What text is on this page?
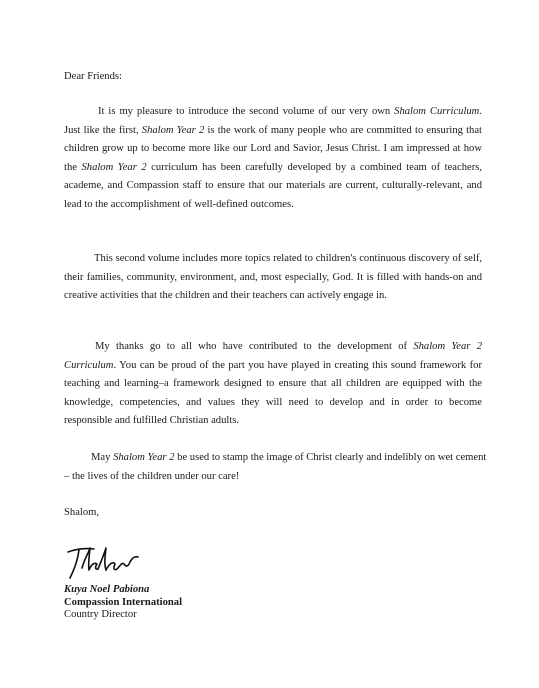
Dear Friends:

It is my pleasure to introduce the second volume of our very own Shalom Curriculum. Just like the first, Shalom Year 2 is the work of many people who are committed to ensuring that children grow up to become more like our Lord and Savior, Jesus Christ. I am impressed at how the Shalom Year 2 curriculum has been carefully developed by a combined team of teachers, academe, and Compassion staff to ensure that our materials are current, culturally-relevant, and lead to the accomplishment of well-defined outcomes.

This second volume includes more topics related to children's continuous discovery of self, their families, community, environment, and, most especially, God. It is filled with hands-on and creative activities that the children and their teachers can actively engage in.

My thanks go to all who have contributed to the development of Shalom Year 2 Curriculum. You can be proud of the part you have played in creating this sound framework for teaching and learning–a framework designed to ensure that all children are equipped with the knowledge, competencies, and values they will need to develop and in order to become responsible and fulfilled Christian adults.

May Shalom Year 2 be used to stamp the image of Christ clearly and indelibly on wet cement – the lives of the children under our care!

Shalom,
Kuya Noel Pabiona
Compassion International
Country Director
